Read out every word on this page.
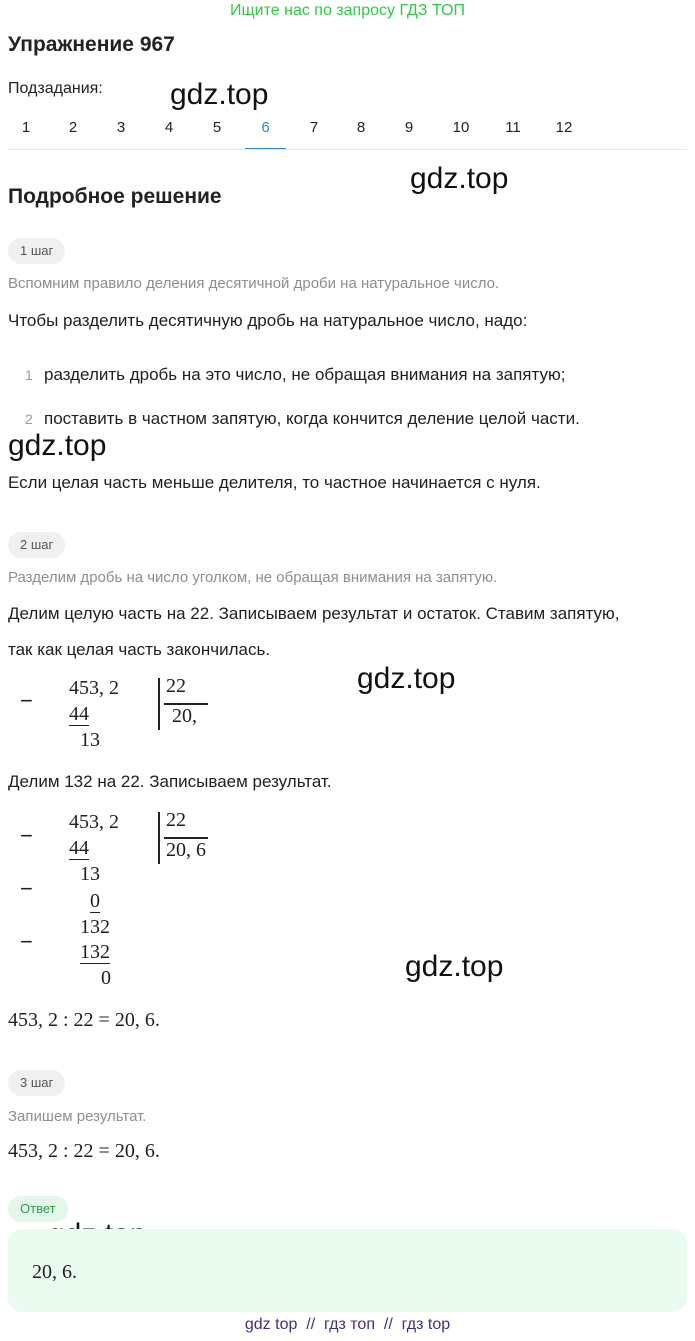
Ищите нас по запросу ГДЗ ТОП
Упражнение 967
Подзадания:
1	2	3	4	5	6	7	8	9	10	11	12
gdz.top
gdz.top
gdz.top
gdz.top
gdz.top
Подробное решение
1 шаг
Вспомним правило деления десятичной дроби на натуральное число.
Чтобы разделить десятичную дробь на натуральное число, надо:
1 разделить дробь на это число, не обращая внимания на запятую;
2 поставить в частном запятую, когда кончится деление целой части.
Если целая часть меньше делителя, то частное начинается с нуля.
2 шаг
Разделим дробь на число уголком, не обращая внимания на запятую.
Делим целую часть на 22. Записываем результат и остаток. Ставим запятую,
так как целая часть закончилась.
− 453, 2
44
13
22
20,
Делим 132 на 22. Записываем результат.
−
453, 2
44
13
−	0
132
− 132
0
22
20, 6
453, 2 : 22 = 20, 6.
3 шаг
Запишем результат.
453, 2 : 22 = 20, 6.
Ответ
20, 6.
gdz top  //  гдз топ  //  гдз top
